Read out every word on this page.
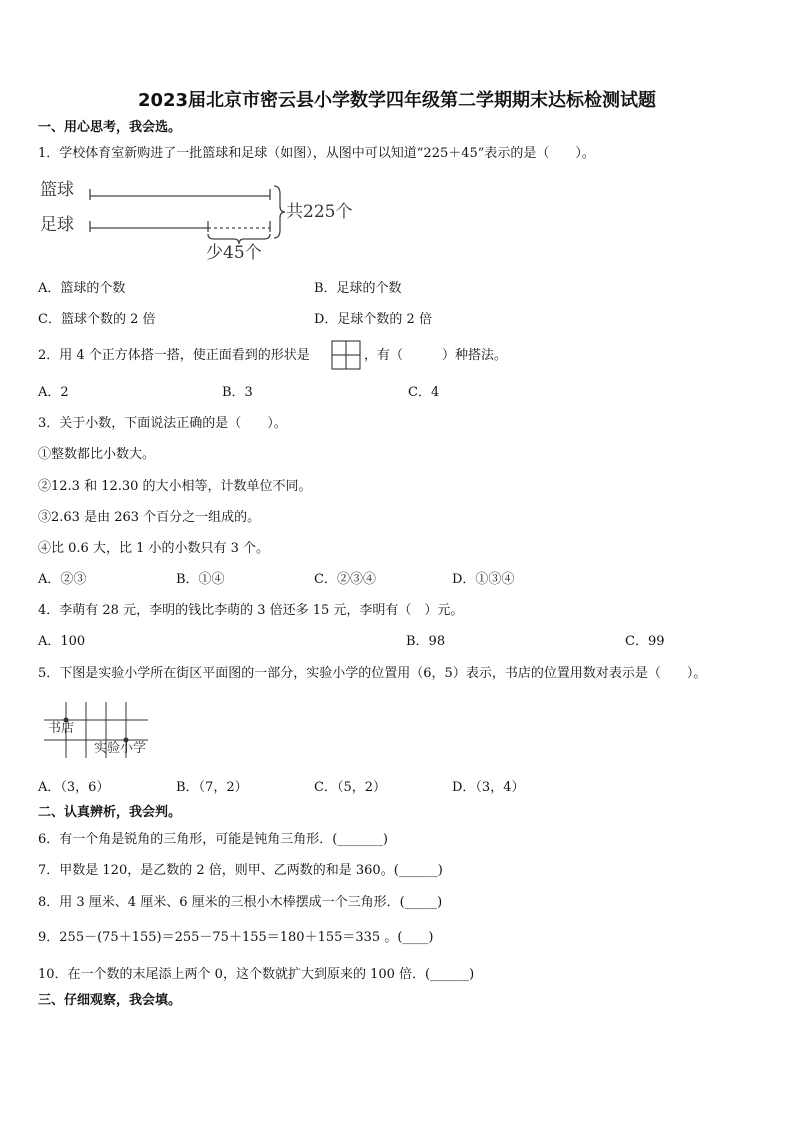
2023届北京市密云县小学数学四年级第二学期期末达标检测试题
一、用心思考，我会选。
1．学校体育室新购进了一批篮球和足球（如图），从图中可以知道“225＋45”表示的是（　　）。
篮球
足球
共225个
少45个
A．篮球的个数	B．足球的个数
C．篮球个数的 2 倍	D．足球个数的 2 倍
2．用 4 个正方体搭一搭，使正面看到的形状是	，有（　　　）种搭法。
A．2	B．3	C．4
3．关于小数，下面说法正确的是（　　）。
①整数都比小数大。
②12.3 和 12.30 的大小相等，计数单位不同。
③2.63 是由 263 个百分之一组成的。
④比 0.6 大，比 1 小的小数只有 3 个。
A．②③	B．①④	C．②③④	D．①③④
4．李萌有 28 元，李明的钱比李萌的 3 倍还多 15 元，李明有（　）元。
A．100	B．98	C．99
5．下图是实验小学所在街区平面图的一部分，实验小学的位置用（6，5）表示，书店的位置用数对表示是（　　）。
书店
实验小学
A．（3，6）	B．（7，2）	C．（5，2）	D．（3，4）
二、认真辨析，我会判。
6．有一个角是锐角的三角形，可能是钝角三角形．(_______)
7．甲数是 120，是乙数的 2 倍，则甲、乙两数的和是 360。(______)
8．用 3 厘米、4 厘米、6 厘米的三根小木棒摆成一个三角形．(_____)
9．255－(75＋155)＝255－75＋155＝180＋155＝335 。(____)
10．在一个数的末尾添上两个 0，这个数就扩大到原来的 100 倍．(______)
三、仔细观察，我会填。
